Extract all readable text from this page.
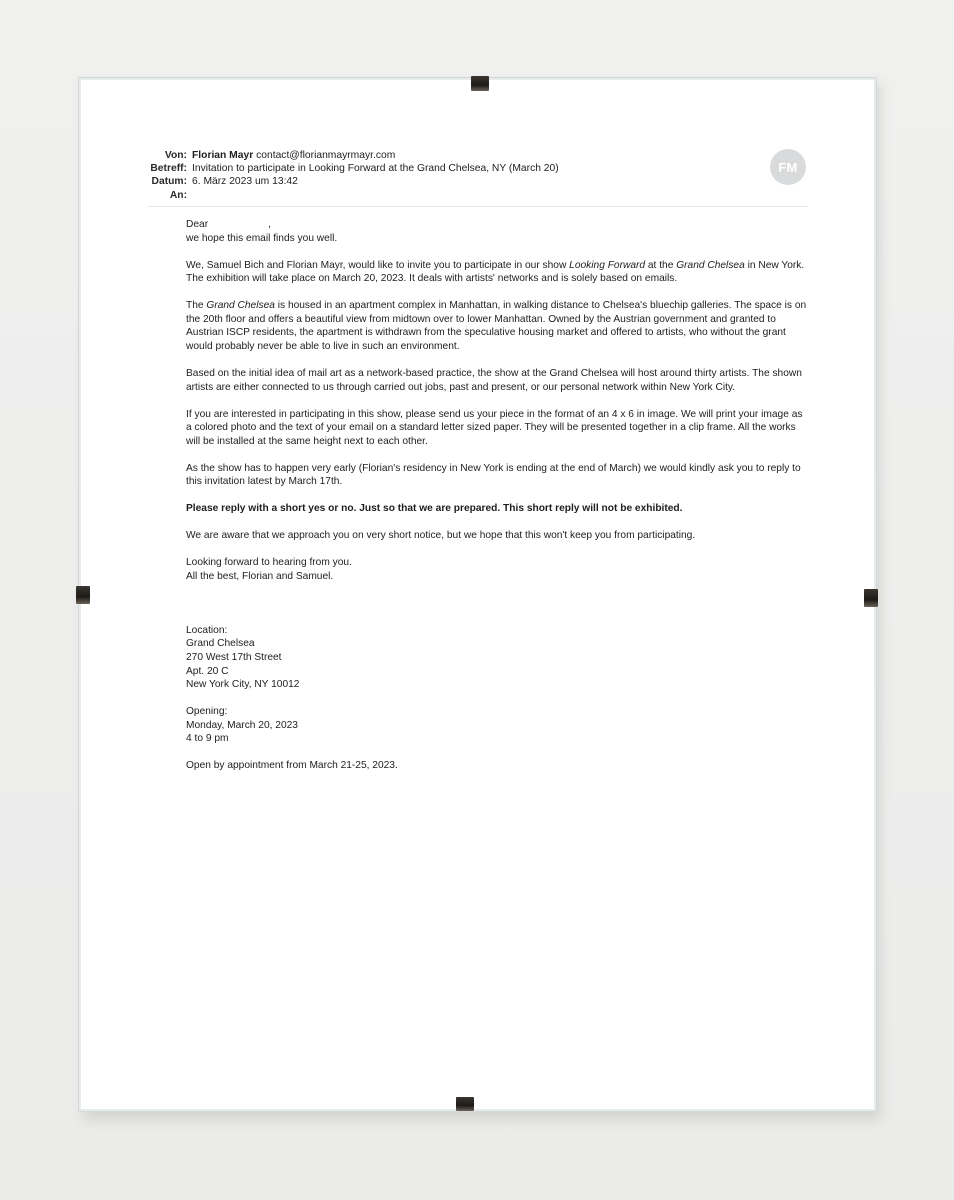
Von: Florian Mayr contact@florianmayrmayr.com
Betreff: Invitation to participate in Looking Forward at the Grand Chelsea, NY (March 20)
Datum: 6. März 2023 um 13:42
An:
FM

Dear	,
we hope this email finds you well.

We, Samuel Bich and Florian Mayr, would like to invite you to participate in our show Looking Forward at the Grand Chelsea in New York. The exhibition will take place on March 20, 2023. It deals with artists' networks and is solely based on emails.

The Grand Chelsea is housed in an apartment complex in Manhattan, in walking distance to Chelsea's bluechip galleries. The space is on the 20th floor and offers a beautiful view from midtown over to lower Manhattan. Owned by the Austrian government and granted to Austrian ISCP residents, the apartment is withdrawn from the speculative housing market and offered to artists, who without the grant would probably never be able to live in such an environment.

Based on the initial idea of mail art as a network-based practice, the show at the Grand Chelsea will host around thirty artists. The shown artists are either connected to us through carried out jobs, past and present, or our personal network within New York City.

If you are interested in participating in this show, please send us your piece in the format of an 4 x 6 in image. We will print your image as a colored photo and the text of your email on a standard letter sized paper. They will be presented together in a clip frame. All the works will be installed at the same height next to each other.

As the show has to happen very early (Florian's residency in New York is ending at the end of March) we would kindly ask you to reply to this invitation latest by March 17th.

Please reply with a short yes or no. Just so that we are prepared. This short reply will not be exhibited.

We are aware that we approach you on very short notice, but we hope that this won't keep you from participating.

Looking forward to hearing from you.
All the best, Florian and Samuel.

Location:
Grand Chelsea
270 West 17th Street
Apt. 20 C
New York City, NY 10012

Opening:
Monday, March 20, 2023
4 to 9 pm

Open by appointment from March 21-25, 2023.
